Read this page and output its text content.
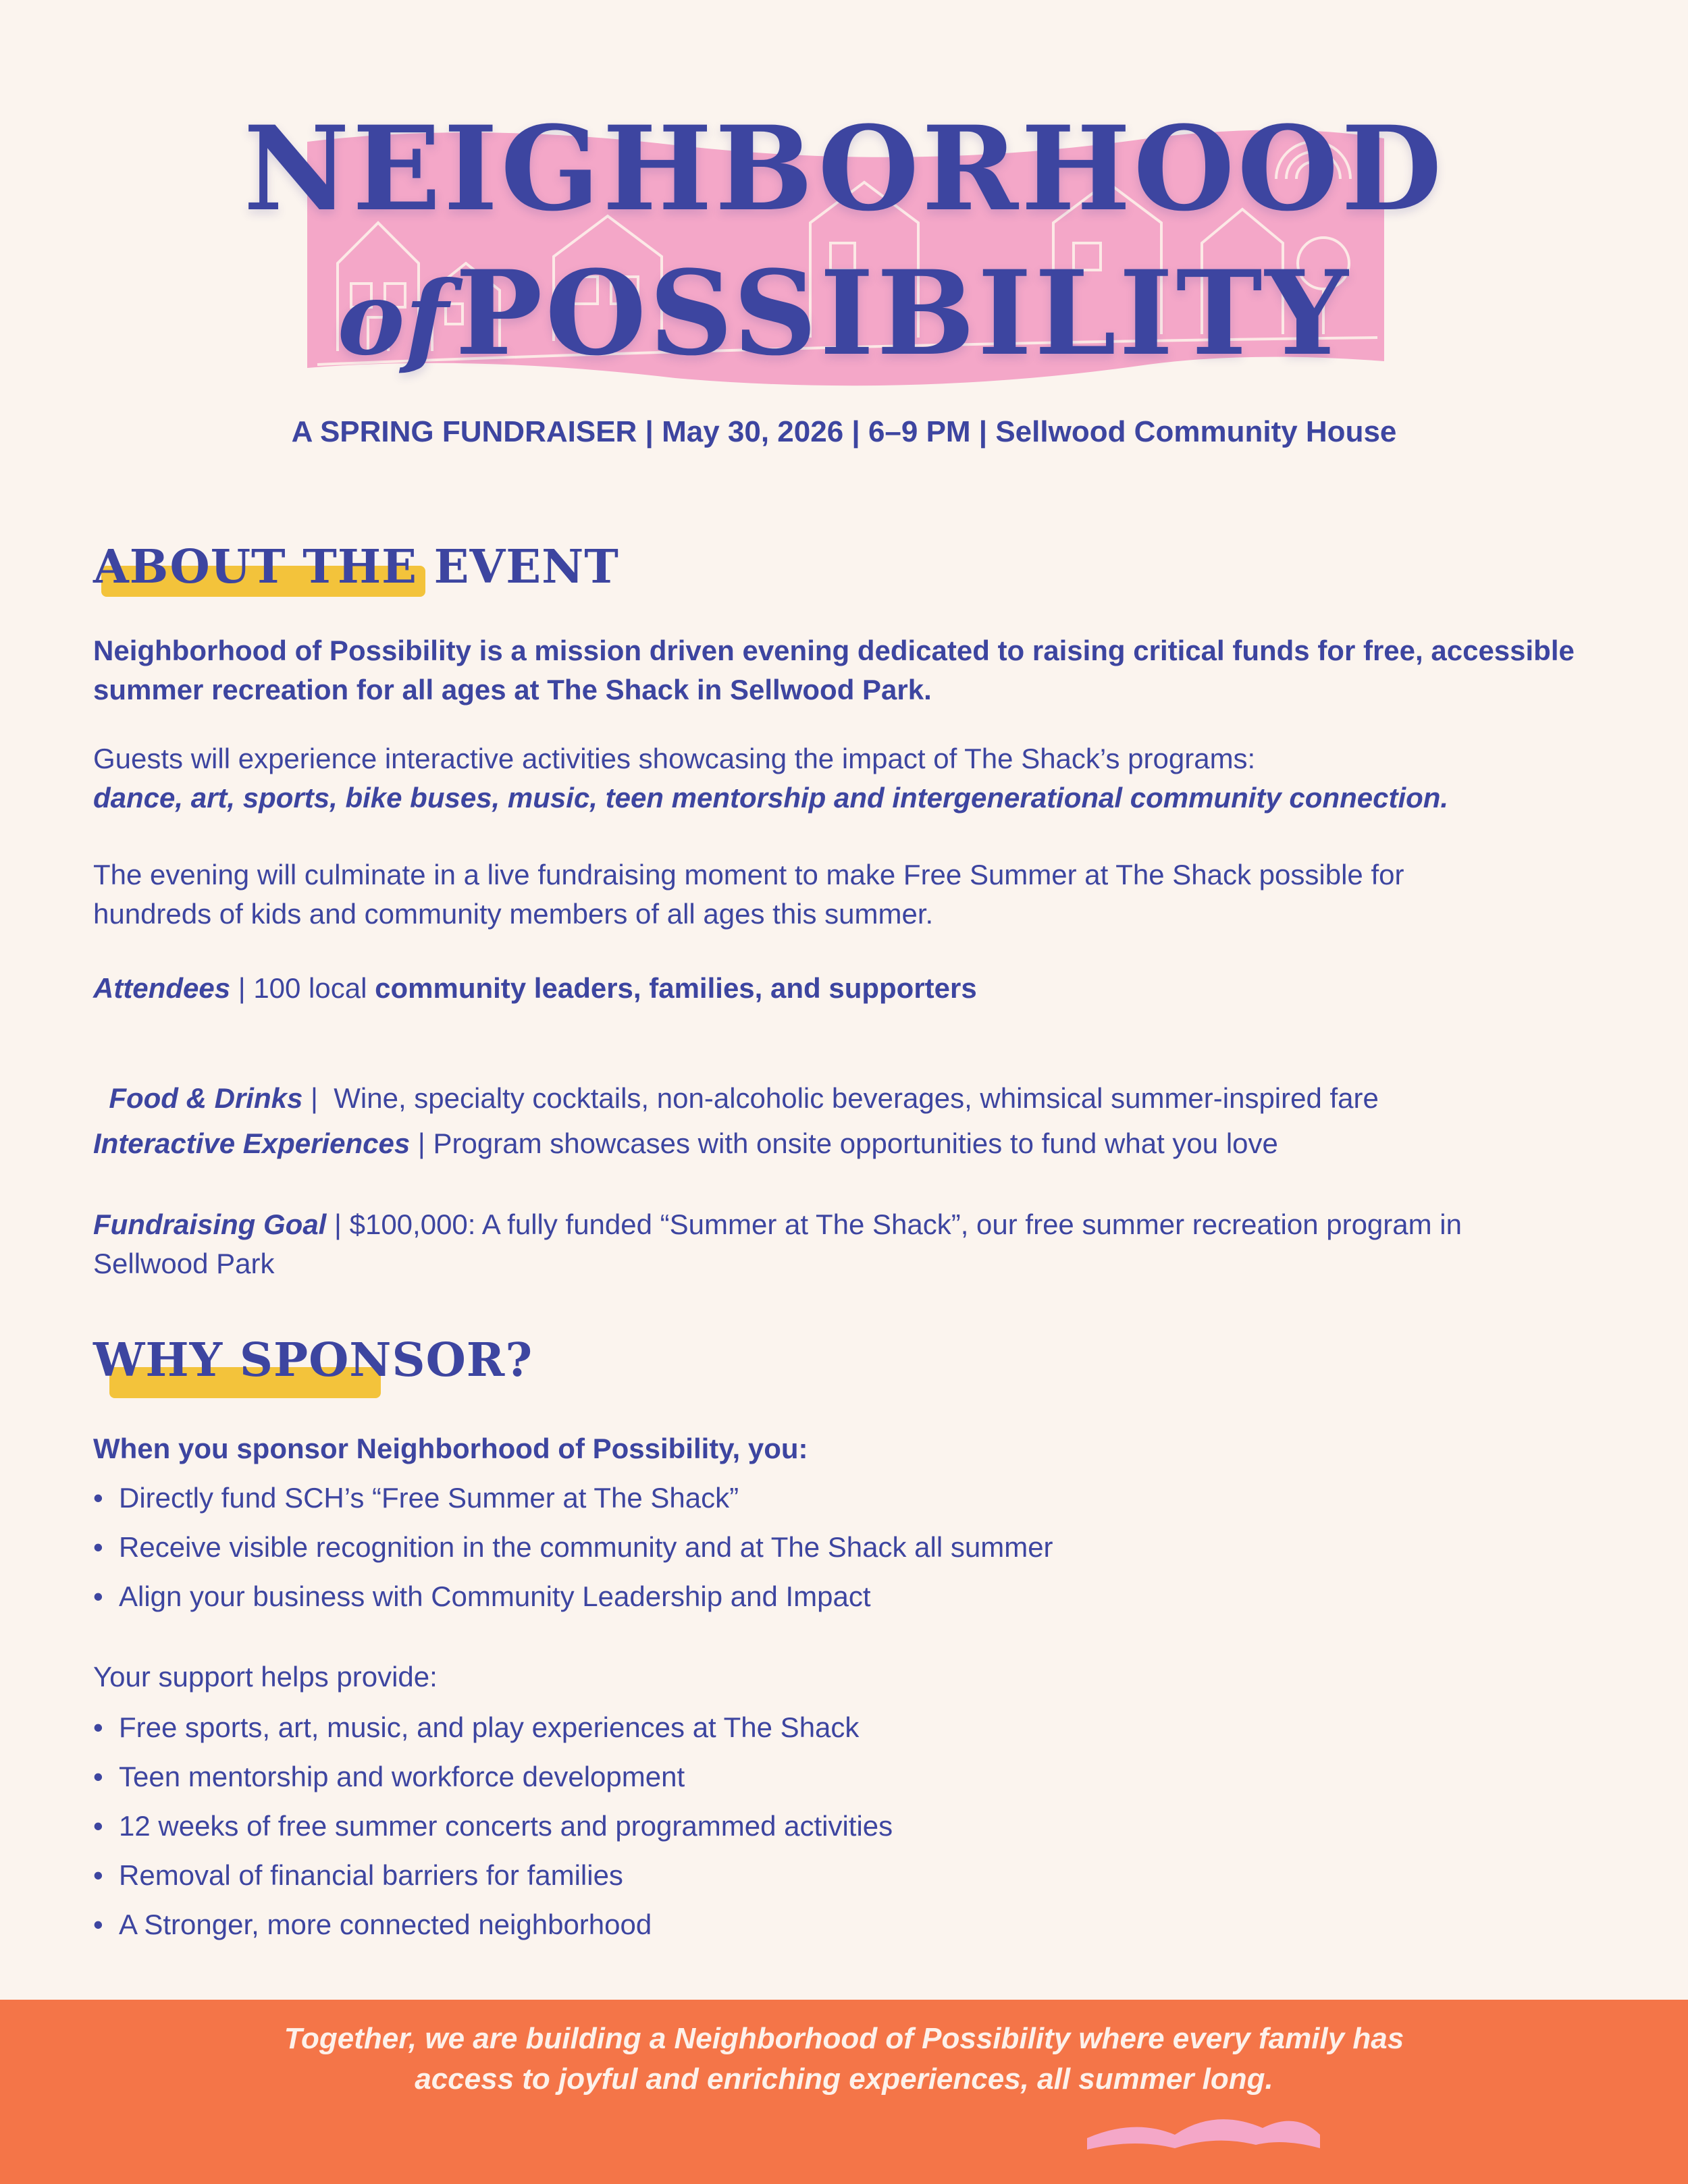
NEIGHBORHOOD
ofPOSSIBILITY
A SPRING FUNDRAISER | May 30, 2026 | 6–9 PM | Sellwood Community House
ABOUT THE EVENT
Neighborhood of Possibility is a mission driven evening dedicated to raising critical funds for free, accessible summer recreation for all ages at The Shack in Sellwood Park.
Guests will experience interactive activities showcasing the impact of The Shack’s programs:
dance, art, sports, bike buses, music, teen mentorship and intergenerational community connection.
The evening will culminate in a live fundraising moment to make Free Summer at The Shack possible for hundreds of kids and community members of all ages this summer.
Attendees | 100 local community leaders, families, and supporters

Food & Drinks |  Wine, specialty cocktails, non-alcoholic beverages, whimsical summer-inspired fare

Interactive Experiences | Program showcases with onsite opportunities to fund what you love
Fundraising Goal | $100,000: A fully funded “Summer at The Shack”, our free summer recreation program in Sellwood Park
WHY SPONSOR?
When you sponsor Neighborhood of Possibility, you:
• Directly fund SCH’s “Free Summer at The Shack”
• Receive visible recognition in the community and at The Shack all summer
• Align your business with Community Leadership and Impact
Your support helps provide:
• Free sports, art, music, and play experiences at The Shack
• Teen mentorship and workforce development
• 12 weeks of free summer concerts and programmed activities
• Removal of financial barriers for families
• A Stronger, more connected neighborhood
Together, we are building a Neighborhood of Possibility where every family has
access to joyful and enriching experiences, all summer long.
